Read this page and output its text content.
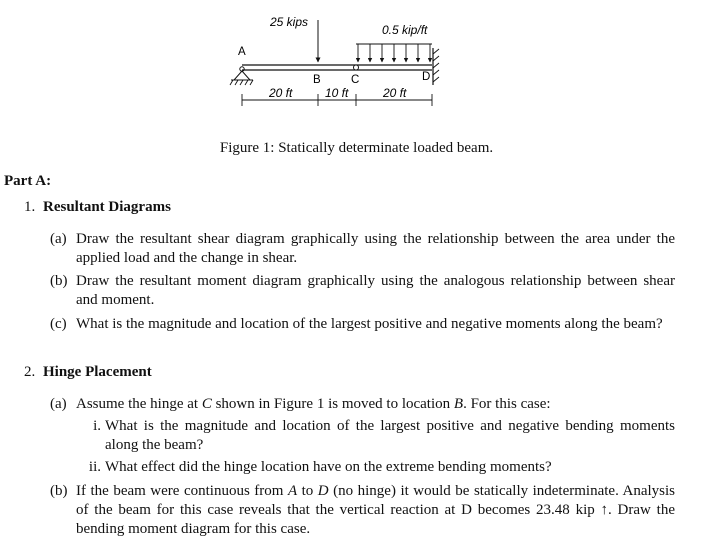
25 kips
0.5 kip/ft
A
B	C	D
20 ft	10 ft	20 ft
Figure 1: Statically determinate loaded beam.
Part A:
1. Resultant Diagrams
(a) Draw the resultant shear diagram graphically using the relationship between the area under the applied load and the change in shear.
(b) Draw the resultant moment diagram graphically using the analogous relationship between shear and moment.
(c) What is the magnitude and location of the largest positive and negative moments along the beam?
2. Hinge Placement
(a) Assume the hinge at C shown in Figure 1 is moved to location B. For this case:
i. What is the magnitude and location of the largest positive and negative bending moments along the beam?
ii. What effect did the hinge location have on the extreme bending moments?
(b) If the beam were continuous from A to D (no hinge) it would be statically indeterminate. Analysis of the beam for this case reveals that the vertical reaction at D becomes 23.48 kip ↑. Draw the bending moment diagram for this case.
